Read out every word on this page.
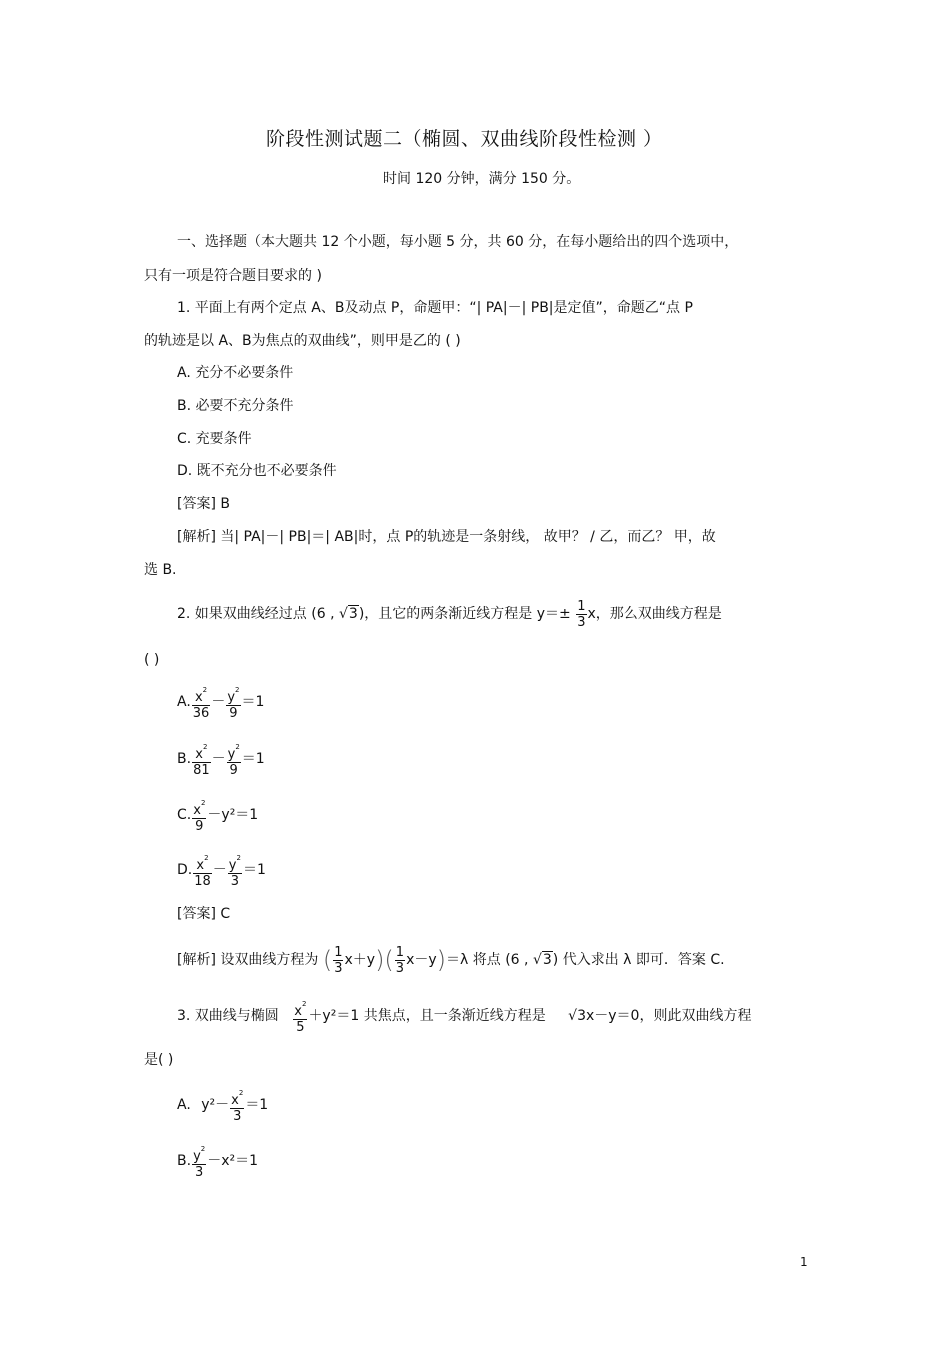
阶段性测试题二（椭圆、双曲线阶段性检测 ）
时间 120 分钟，满分 150 分。
一、选择题（本大题共 12 个小题，每小题 5 分，共 60 分，在每小题给出的四个选项中，
只有一项是符合题目要求的 )
1. 平面上有两个定点 A、B及动点 P，命题甲：“| PA|－| PB|是定值”，命题乙“点 P
的轨迹是以 A、B为焦点的双曲线”，则甲是乙的 ( )
A. 充分不必要条件
B. 必要不充分条件
C. 充要条件
D. 既不充分也不必要条件
[答案] B
[解析] 当| PA|－| PB|＝| AB|时，点 P的轨迹是一条射线， 故甲？ / 乙，而乙？ 甲，故
选 B.
2. 如果双曲线经过点 (6 , √3)，且它的两条渐近线方程是 $y=\pm \frac{1}{3}$ x，那么双曲线方程是
( )
A. $\frac{x^2}{36} - \frac{y^2}{9} =1$
B. $\frac{x^2}{81} - \frac{y^2}{9} =1$
C. $\frac{x^2}{9} -y^2=1$
D. $\frac{x^2}{18} - \frac{y^2}{3} =1$
[答案] C
[解析] 设双曲线方程为 ( $\frac{1}{3} x+y)( \frac{1}{3} x-y)=\lambda$ 将点 (6 , √3) 代入求出 λ 即可．答案 C.
3. 双曲线与椭圆 $\frac{x^2}{5} +y^2=1$ 共焦点，且一条渐近线方程是 √3x－y＝0，则此双曲线方程
是( )
A. $y^2- \frac{x^2}{3} =1$
B. $\frac{y^2}{3} -x^2=1$
1
